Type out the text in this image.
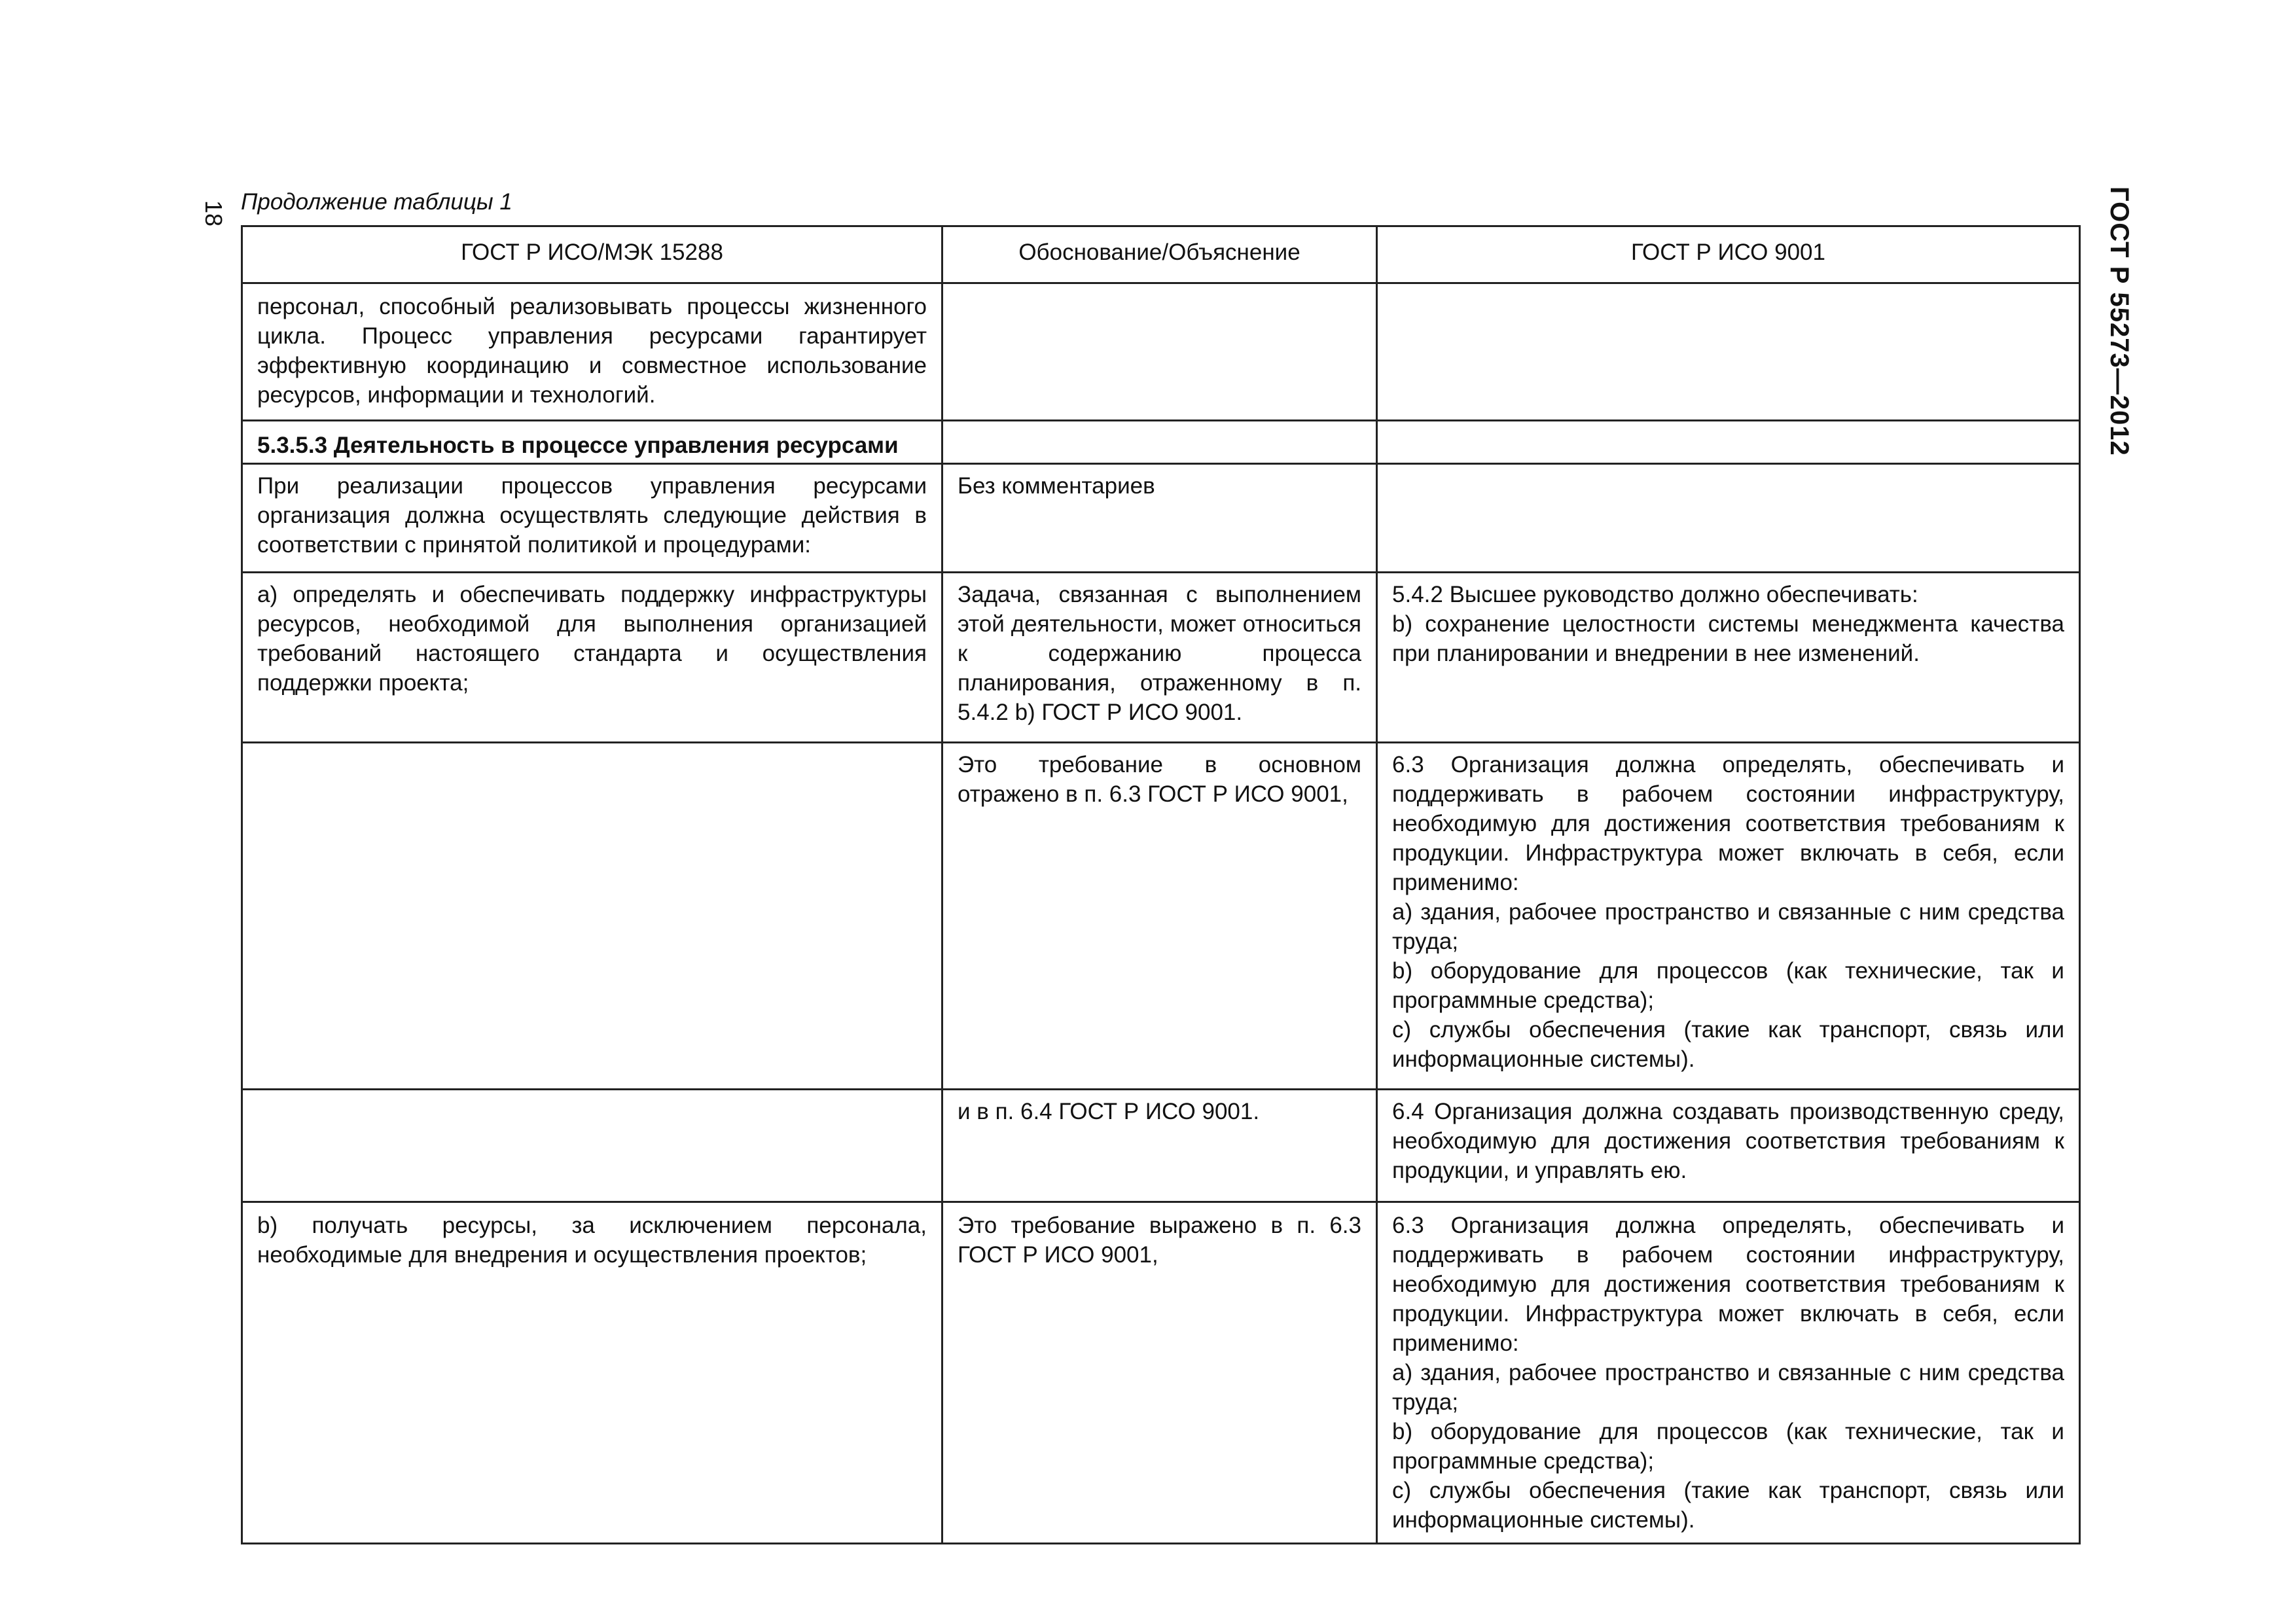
18	ГОСТ Р 55273—2012
Продолжение таблицы 1
ГОСТ Р ИСО/МЭК 15288	Обоснование/Объяснение	ГОСТ Р ИСО 9001
персонал, способный реализовывать процессы жизненного цикла. Процесс управления ресурсами гарантирует эффективную координацию и совместное использование ресурсов, информации и технологий.		
5.3.5.3 Деятельность в процессе управления ресурсами		
При реализации процессов управления ресурсами организация должна осуществлять следующие действия в соответствии с принятой политикой и процедурами:	Без комментариев	
а) определять и обеспечивать поддержку инфраструктуры ресурсов, необходимой для выполнения организацией требований настоящего стандарта и осуществления поддержки проекта;	Задача, связанная с выполнением этой деятельности, может относиться к содержанию процесса планирования, отраженному в п. 5.4.2 b) ГОСТ Р ИСО 9001.	5.4.2 Высшее руководство должно обеспечивать:
b) сохранение целостности системы менеджмента качества при планировании и внедрении в нее изменений.

	Это требование в основном отражено в п. 6.3 ГОСТ Р ИСО 9001,	6.3 Организация должна определять, обеспечивать и поддерживать в рабочем состоянии инфраструктуру, необходимую для достижения соответствия требованиям к продукции. Инфраструктура может включать в себя, если применимо:
а) здания, рабочее пространство и связанные с ним средства труда;
b) оборудование для процессов (как технические, так и программные средства);
c) службы обеспечения (такие как транспорт, связь или информационные системы).

	и в п. 6.4 ГОСТ Р ИСО 9001.	6.4 Организация должна создавать производственную среду, необходимую для достижения соответствия требованиям к продукции, и управлять ею.
b) получать ресурсы, за исключением персонала, необходимые для внедрения и осуществления проектов;	Это требование выражено в п. 6.3 ГОСТ Р ИСО 9001,	6.3 Организация должна определять, обеспечивать и поддерживать в рабочем состоянии инфраструктуру, необходимую для достижения соответствия требованиям к продукции. Инфраструктура может включать в себя, если применимо:
а) здания, рабочее пространство и связанные с ним средства труда;
b) оборудование для процессов (как технические, так и программные средства);
c) службы обеспечения (такие как транспорт, связь или информационные системы).
